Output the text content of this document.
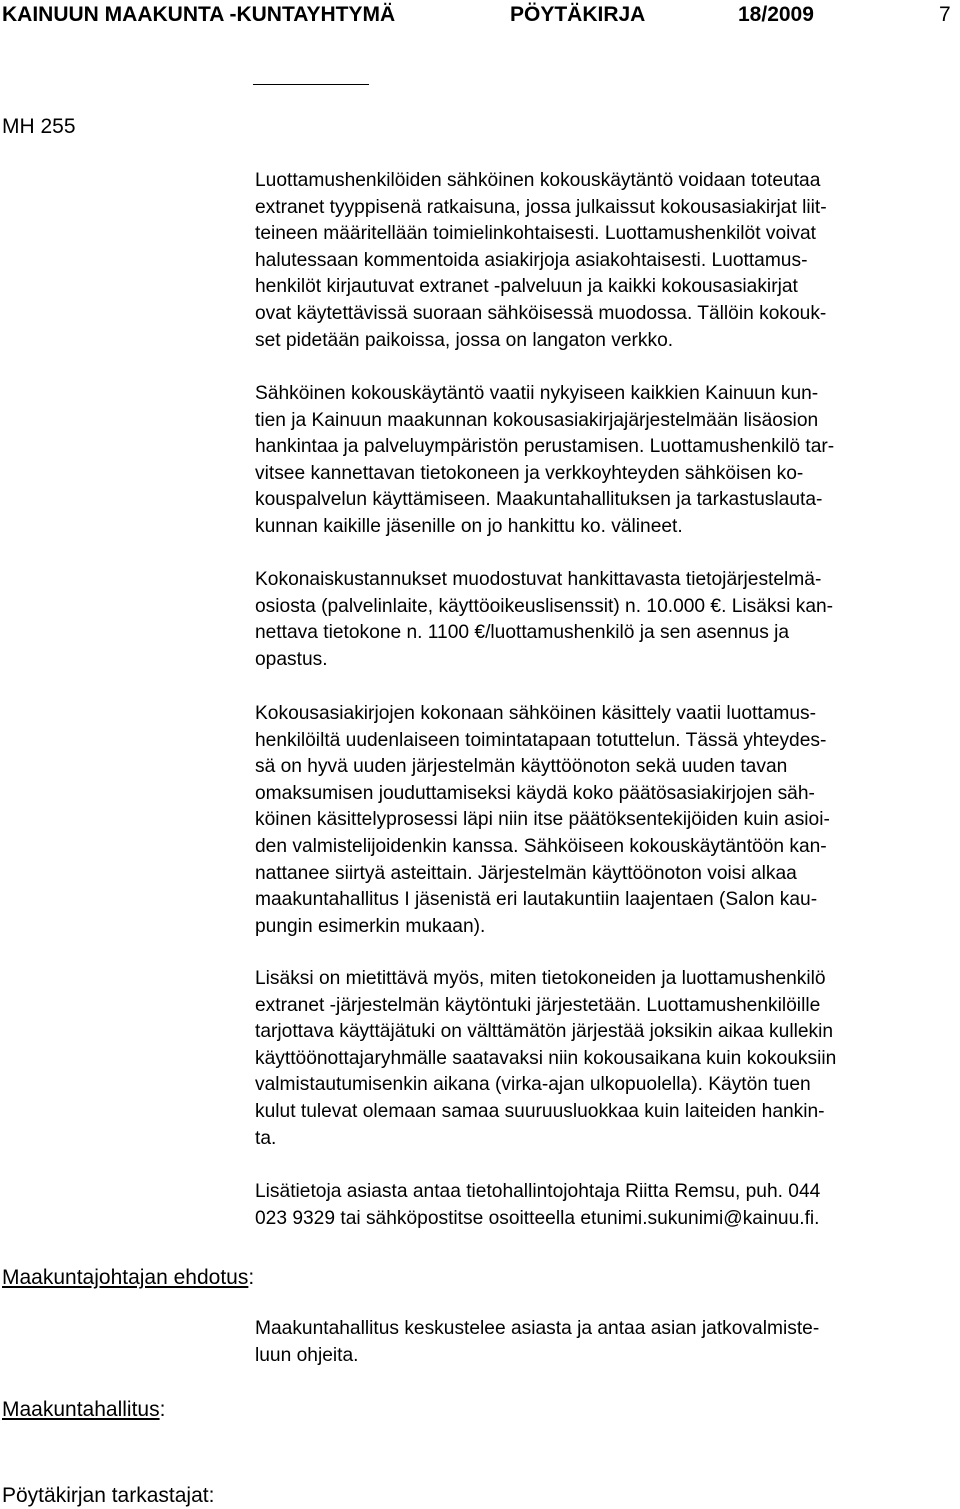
KAINUUN MAAKUNTA -KUNTAYHTYMÄ	PÖYTÄKIRJA	18/2009	7
MH 255
Maakuntajohtajan ehdotus:
Maakuntahallitus:
Pöytäkirjan tarkastajat:

Luottamushenkilöiden sähköinen kokouskäytäntö voidaan toteutaa

extranet tyyppisenä ratkaisuna, jossa julkaissut kokousasiakirjat liit-

teineen määritellään toimielinkohtaisesti. Luottamushenkilöt voivat

halutessaan kommentoida asiakirjoja asiakohtaisesti. Luottamus-

henkilöt kirjautuvat extranet -palveluun ja kaikki kokousasiakirjat

ovat käytettävissä suoraan sähköisessä muodossa. Tällöin kokouk-

set pidetään paikoissa, jossa on langaton verkko.

Sähköinen kokouskäytäntö vaatii nykyiseen kaikkien Kainuun kun-

tien ja Kainuun maakunnan kokousasiakirjajärjestelmään lisäosion

hankintaa ja palveluympäristön perustamisen. Luottamushenkilö tar-

vitsee kannettavan tietokoneen ja verkkoyhteyden sähköisen ko-

kouspalvelun käyttämiseen. Maakuntahallituksen ja tarkastuslauta-

kunnan kaikille jäsenille on jo hankittu ko. välineet.

Kokonaiskustannukset muodostuvat hankittavasta tietojärjestelmä-

osiosta (palvelinlaite, käyttöoikeuslisenssit) n. 10.000 €. Lisäksi kan-

nettava tietokone n. 1100 €/luottamushenkilö ja sen asennus ja

opastus.

Kokousasiakirjojen kokonaan sähköinen käsittely vaatii luottamus-

henkilöiltä uudenlaiseen toimintatapaan totuttelun. Tässä yhteydes-

sä on hyvä uuden järjestelmän käyttöönoton sekä uuden tavan

omaksumisen jouduttamiseksi käydä koko päätösasiakirjojen säh-

köinen käsittelyprosessi läpi niin itse päätöksentekijöiden kuin asioi-

den valmistelijoidenkin kanssa. Sähköiseen kokouskäytäntöön kan-

nattanee siirtyä asteittain. Järjestelmän käyttöönoton voisi alkaa

maakuntahallitus I jäsenistä eri lautakuntiin laajentaen (Salon kau-

pungin esimerkin mukaan).

Lisäksi on mietittävä myös, miten tietokoneiden ja luottamushenkilö

extranet -järjestelmän käytöntuki järjestetään. Luottamushenkilöille

tarjottava käyttäjätuki on välttämätön järjestää joksikin aikaa kullekin

käyttöönottajaryhmälle saatavaksi niin kokousaikana kuin kokouksiin

valmistautumisenkin aikana (virka-ajan ulkopuolella). Käytön tuen

kulut tulevat olemaan samaa suuruusluokkaa kuin laiteiden hankin-

ta.

Lisätietoja asiasta antaa tietohallintojohtaja Riitta Remsu, puh. 044

023 9329 tai sähköpostitse osoitteella etunimi.sukunimi@kainuu.fi.

Maakuntahallitus keskustelee asiasta ja antaa asian jatkovalmiste-

luun ohjeita.
